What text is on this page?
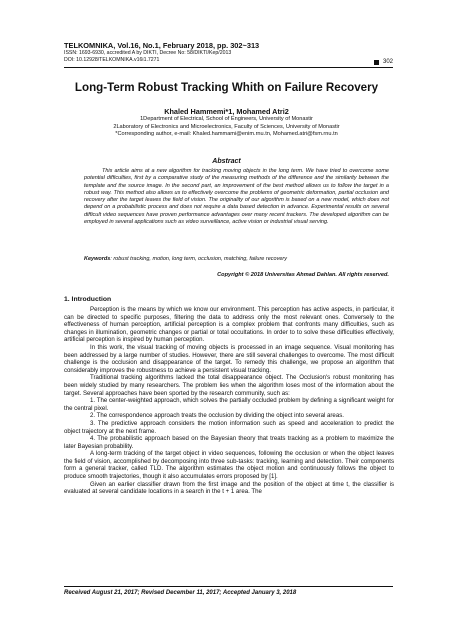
TELKOMNIKA, Vol.16, No.1, February 2018, pp. 302~313
ISSN: 1693-6930, accredited A by DIKTI, Decree No: 58/DIKTI/Kep/2013
DOI: 10.12928/TELKOMNIKA.v16i1.7271	302
Long-Term Robust Tracking Whith on Failure Recovery
Khaled Hammemi*1, Mohamed Atri2
1Department of Electrical, School of Engineers, University of Monastir
2Laboratory of Electronics and Microelectronics, Faculty of Sciences, University of Monastir
*Corresponding author, e-mail: Khaled.hammami@enim.rnu.tn, Mohamed.atri@fsm.rnu.tn
Abstract
This article aims at a new algorithm for tracking moving objects in the long term. We have tried to overcome some potential difficulties, first by a comparative study of the measuring methods of the difference and the similarity between the template and the source image. In the second part, an improvement of the best method allows us to follow the target in a robust way. This method also allows us to effectively overcome the problems of geometric deformation, partial occlusion and recovery after the target leaves the field of vision. The originality of our algorithm is based on a new model, which does not depend on a probabilistic process and does not require a data based detection in advance. Experimental results on several difficult video sequences have proven performance advantages over many recent trackers. The developed algorithm can be employed in several applications such as video surveillance, active vision or industrial visual serving.
Keywords: robust tracking, motion, long term, occlusion, matching, failure recovery
Copyright © 2018 Universitas Ahmad Dahlan. All rights reserved.
1. Introduction

Perception is the means by which we know our environment. This perception has active aspects, in particular, it can be directed to specific purposes, filtering the data to address only the most relevant ones. Conversely to the effectiveness of human perception, artificial perception is a complex problem that confronts many difficulties, such as changes in illumination, geometric changes or partial or total occultations. In order to to solve these difficulties effectively, artificial perception is inspired by human perception.

In this work, the visual tracking of moving objects is processed in an image sequence. Visual monitoring has been addressed by a large number of studies. However, there are still several challenges to overcome. The most difficult challenge is the occlusion and disappearance of the target. To remedy this challenge, we propose an algorithm that considerably improves the robustness to achieve a persistent visual tracking.

Traditional tracking algorithms lacked the total disappearance object. The Occlusion's robust monitoring has been widely studied by many researchers. The problem lies when the algorithm loses most of the information about the target. Several approaches have been sported by the research community, such as:

1. The center-weighted approach, which solves the partially occluded problem by defining a significant weight for the central pixel.

2. The correspondence approach treats the occlusion by dividing the object into several areas.

3. The predictive approach considers the motion information such as speed and acceleration to predict the object trajectory at the next frame.

4. The probabilistic approach based on the Bayesian theory that treats tracking as a problem to maximize the later Bayesian probability.

A long-term tracking of the target object in video sequences, following the occlusion or when the object leaves the field of vision, accomplished by decomposing into three sub-tasks: tracking, learning and detection. Their components form a general tracker, called TLD. The algorithm estimates the object motion and continuously follows the object to produce smooth trajectories, though it also accumulates errors proposed by [1].

Given an earlier classifier drawn from the first image and the position of the object at time t, the classifier is evaluated at several candidate locations in a search in the t + 1 area. The

Received August 21, 2017; Revised December 11, 2017; Accepted January 3, 2018
